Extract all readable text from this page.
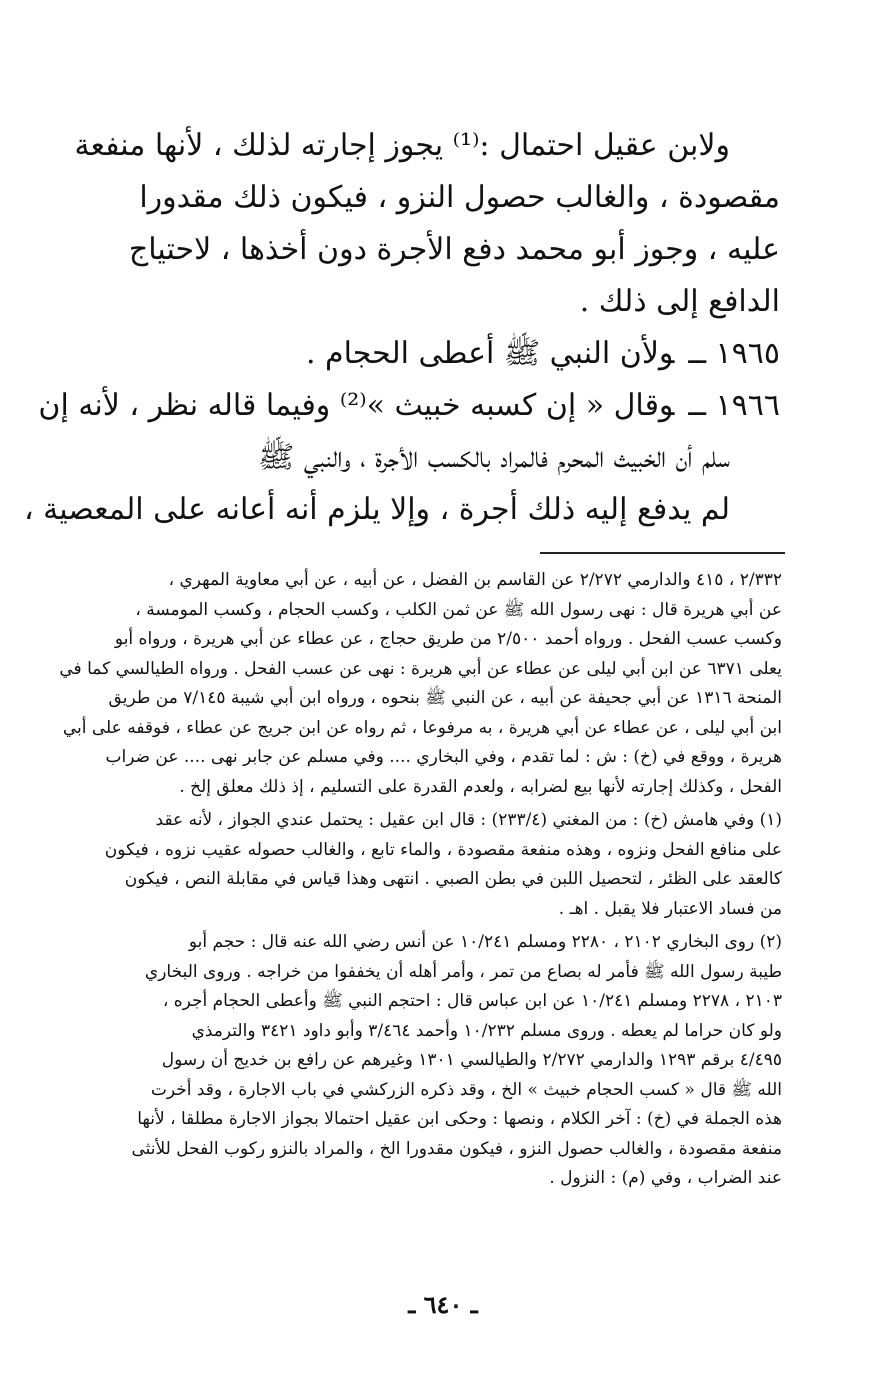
ولابن عقيل احتمال :⁽¹⁾ يجوز إجارته لذلك ، لأنها منفعة
مقصودة ، والغالب حصول النزو ، فيكون ذلك مقدورا
عليه ، وجوز أبو محمد دفع الأجرة دون أخذها ، لاحتياج
الدافع إلى ذلك .
١٩٦٥ ــولأن النبي ﷺ أعطى الحجام .
١٩٦٦ ــوقال « إن كسبه خبيث »⁽²⁾ وفيما قاله نظر ، لأنه إن
سلم أن الخبيث المحرم فالمراد بالكسب الأجرة ، والنبي ﷺ
لم يدفع إليه ذلك أجرة ، وإلا يلزم أنه أعانه على المعصية ،
٢/٣٣٢ ، ٤١٥ والدارمي ٢/٢٧٢ عن القاسم بن الفضل ، عن أبيه ، عن أبي معاوية المهري ،
عن أبي هريرة قال : نهى رسول الله ﷺ عن ثمن الكلب ، وكسب الحجام ، وكسب المومسة ،
وكسب عسب الفحل . ورواه أحمد ٢/٥٠٠ من طريق حجاج ، عن عطاء عن أبي هريرة ، ورواه أبو
يعلى ٦٣٧١ عن ابن أبي ليلى عن عطاء عن أبي هريرة : نهى عن عسب الفحل . ورواه الطيالسي كما في
المنحة ١٣١٦ عن أبي جحيفة عن أبيه ، عن النبي ﷺ بنحوه ، ورواه ابن أبي شيبة ٧/١٤٥ من طريق
ابن أبي ليلى ، عن عطاء عن أبي هريرة ، به مرفوعا ، ثم رواه عن ابن جريج عن عطاء ، فوقفه على أبي
هريرة ، ووقع في (خ) : ش : لما تقدم ، وفي البخاري .... وفي مسلم عن جابر نهى .... عن ضراب
الفحل ، وكذلك إجارته لأنها بيع لضرابه ، ولعدم القدرة على التسليم ، إذ ذلك معلق إلخ .
(١) وفي هامش (خ) : من المغني (٢٣٣/٤) : قال ابن عقيل : يحتمل عندي الجواز ، لأنه عقد
على منافع الفحل ونزوه ، وهذه منفعة مقصودة ، والماء تابع ، والغالب حصوله عقيب نزوه ، فيكون
كالعقد على الظئر ، لتحصيل اللبن في بطن الصبي . انتهى وهذا قياس في مقابلة النص ، فيكون
من فساد الاعتبار فلا يقبل . اهـ .
(٢) روى البخاري ٢١٠٢ ، ٢٢٨٠ ومسلم ١٠/٢٤١ عن أنس رضي الله عنه قال : حجم أبو
طيبة رسول الله ﷺ فأمر له بصاع من تمر ، وأمر أهله أن يخففوا من خراجه . وروى البخاري
٢١٠٣ ، ٢٢٧٨ ومسلم ١٠/٢٤١ عن ابن عباس قال : احتجم النبي ﷺ وأعطى الحجام أجره ،
ولو كان حراما لم يعطه . وروى مسلم ١٠/٢٣٢ وأحمد ٣/٤٦٤ وأبو داود ٣٤٢١ والترمذي
٤/٤٩٥ برقم ١٢٩٣ والدارمي ٢/٢٧٢ والطيالسي ١٣٠١ وغيرهم عن رافع بن خديج أن رسول
الله ﷺ قال « كسب الحجام خبيث » الخ ، وقد ذكره الزركشي في باب الاجارة ، وقد أخرت
هذه الجملة في (خ) : آخر الكلام ، ونصها : وحكى ابن عقيل احتمالا بجواز الاجارة مطلقا ، لأنها
منفعة مقصودة ، والغالب حصول النزو ، فيكون مقدورا الخ ، والمراد بالنزو ركوب الفحل للأنثى
عند الضراب ، وفي (م) : النزول .
ـ ٦٤٠ ـ
